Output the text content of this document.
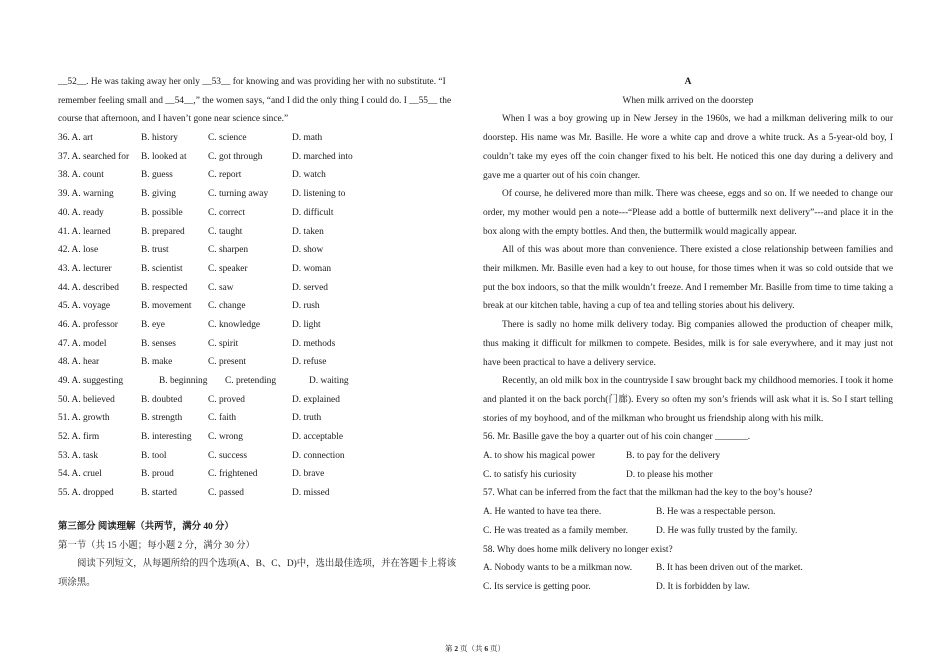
__52__. He was taking away her only __53__ for knowing and was providing her with no substitute. “I
remember feeling small and __54__,” the women says, “and I did the only thing I could do. I __55__ the
course that afternoon, and I haven’t gone near science since.”

36. A. art	B. history	C. science	D. math
37. A. searched for B. looked at C. got through	D. marched into
38. A. count	B. guess	C. report	D. watch
39. A. warning	B. giving	C. turning away	D. listening to
40. A. ready	B. possible	C. correct	D. difficult
41. A. learned	B. prepared C. taught	D. taken
42. A. lose	B. trust	C. sharpen	D. show
43. A. lecturer	B. scientist	C. speaker	D. woman
44. A. described B. respected C. saw	D. served
45. A. voyage	B. movement C. change	D. rush
46. A. professor B. eye	C. knowledge	D. light
47. A. model	B. senses	C. spirit	D. methods
48. A. hear	B. make	C. present	D. refuse
49. A. suggesting	B. beginning C. pretending	D. waiting
50. A. believed	B. doubted	C. proved	D. explained
51. A. growth	B. strength	C. faith	D. truth
52. A. firm	B. interesting C. wrong	D. acceptable
53. A. task	B. tool	C. success	D. connection
54. A. cruel	B. proud	C. frightened	D. brave
55. A. dropped	B. started	C. passed	D. missed
第三部分 阅读理解（共两节，满分 40 分）
第一节（共 15 小题；每小题 2 分，满分 30 分）
阅读下列短文，从每题所给的四个选项(A、B、C、D)中，选出最佳选项，并在答题卡上将该
项涂黑。
A
When milk arrived on the doorstep

When I was a boy growing up in New Jersey in the 1960s, we had a milkman delivering milk to our doorstep. His name was Mr. Basille. He wore a white cap and drove a white truck. As a 5-year-old boy, I couldn’t take my eyes off the coin changer fixed to his belt. He noticed this one day during a delivery and gave me a quarter out of his coin changer.

Of course, he delivered more than milk. There was cheese, eggs and so on. If we needed to change our order, my mother would pen a note---“Please add a bottle of buttermilk next delivery”---and place it in the box along with the empty bottles. And then, the buttermilk would magically appear.

All of this was about more than convenience. There existed a close relationship between families and their milkmen. Mr. Basille even had a key to out house, for those times when it was so cold outside that we put the box indoors, so that the milk wouldn’t freeze. And I remember Mr. Basille from time to time taking a break at our kitchen table, having a cup of tea and telling stories about his delivery.

There is sadly no home milk delivery today. Big companies allowed the production of cheaper milk, thus making it difficult for milkmen to compete. Besides, milk is for sale everywhere, and it may just not have been practical to have a delivery service.

Recently, an old milk box in the countryside I saw brought back my childhood memories. I took it home and planted it on the back porch(门廊). Every so often my son’s friends will ask what it is. So I start telling stories of my boyhood, and of the milkman who brought us friendship along with his milk.

56. Mr. Basille gave the boy a quarter out of his coin changer _______.
A. to show his magical power	B. to pay for the delivery
C. to satisfy his curiosity	D. to please his mother
57. What can be inferred from the fact that the milkman had the key to the boy’s house?
A. He wanted to have tea there.	B. He was a respectable person.
C. He was treated as a family member.	D. He was fully trusted by the family.
58. Why does home milk delivery no longer exist?
A. Nobody wants to be a milkman now.	B. It has been driven out of the market.
C. Its service is getting poor.	D. It is forbidden by law.
第 2 页（共 6 页）
